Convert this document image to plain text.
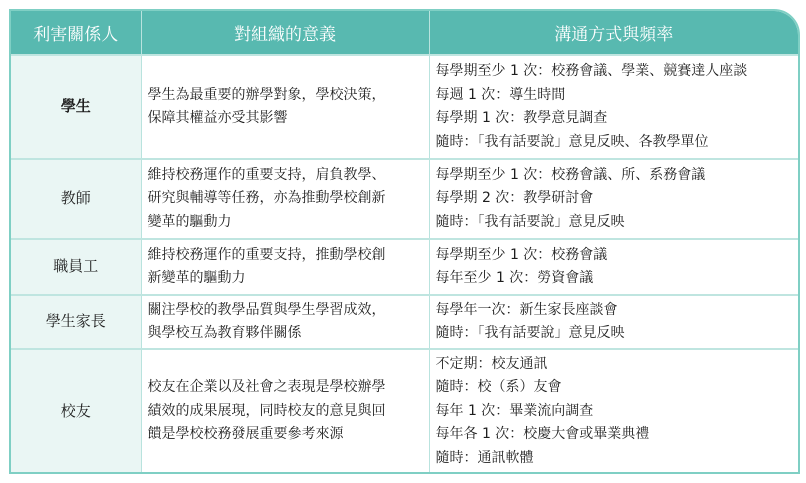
利害關係人	對組織的意義	溝通方式與頻率
學生	學生為最重要的辦學對象，學校決策，
保障其權益亦受其影響	每學期至少 1 次：校務會議、學業、競賽達人座談
每週 1 次：導生時間
每學期 1 次：教學意見調查
隨時：「我有話要說」意見反映、各教學單位

教師	維持校務運作的重要支持，肩負教學、
研究與輔導等任務，亦為推動學校創新
變革的驅動力	每學期至少 1 次：校務會議、所、系務會議
每學期 2 次：教學研討會
隨時：「我有話要說」意見反映

職員工	維持校務運作的重要支持，推動學校創
新變革的驅動力	每學期至少 1 次：校務會議
每年至少 1 次：勞資會議

學生家長	關注學校的教學品質與學生學習成效，
與學校互為教育夥伴關係	每學年一次：新生家長座談會
隨時：「我有話要說」意見反映

校友	校友在企業以及社會之表現是學校辦學
績效的成果展現，同時校友的意見與回
饋是學校校務發展重要參考來源	不定期：校友通訊
隨時：校（系）友會
每年 1 次：畢業流向調查
每年各 1 次：校慶大會或畢業典禮
隨時：通訊軟體
